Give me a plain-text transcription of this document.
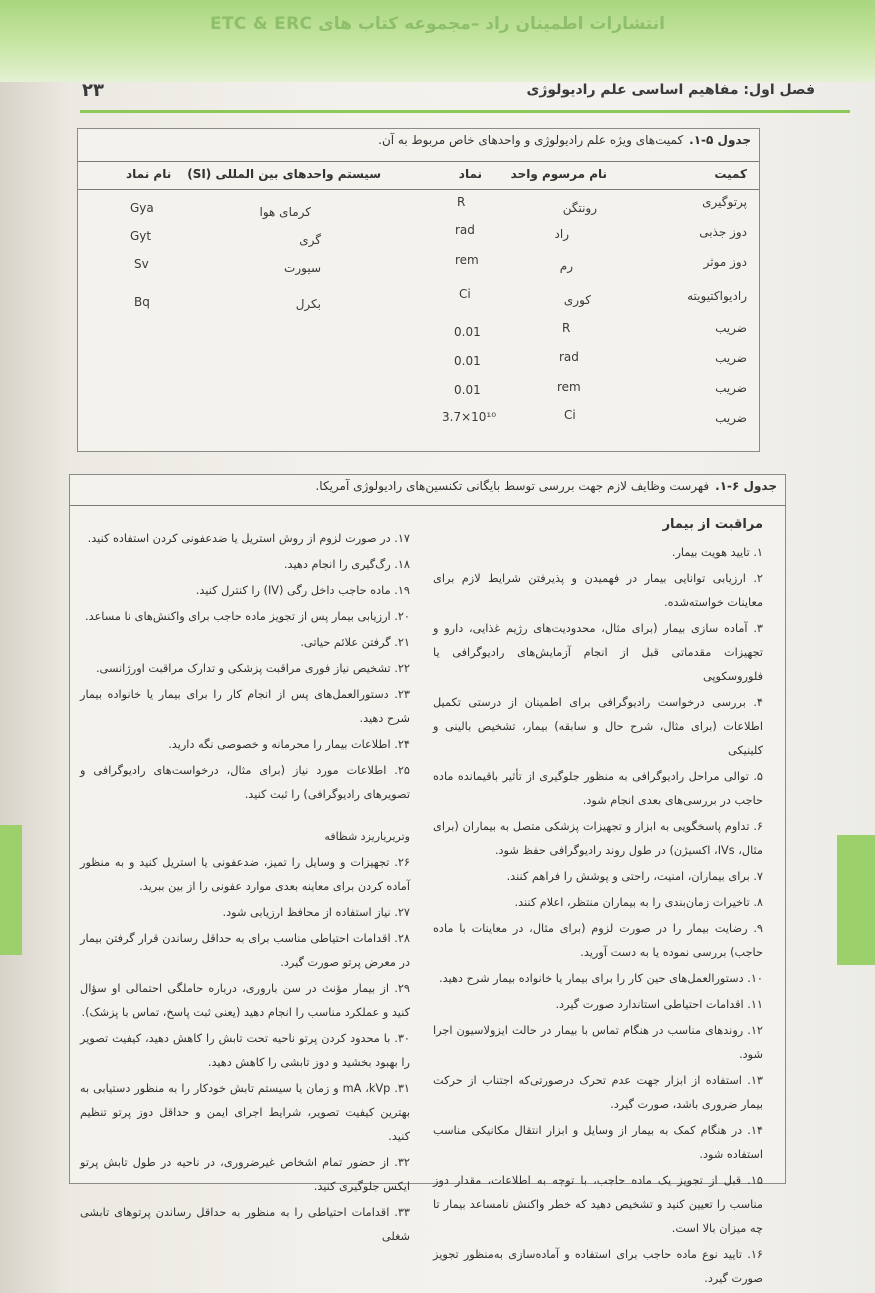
انتشارات اطمینان راد –مجموعه کتاب های ETC & ERC
فصل اول: مفاهیم اساسی علم رادیولوژی
۲۳
جدول ۵-۱.کمیت‌های ویژه علم رادیولوژی و واحدهای خاص مربوط به آن.
کمیت
نام مرسوم واحد
نماد
سیستم واحدهای بین المللی (SI)
نام نماد
پرتوگیری
رونتگن
R
کرمای هوا
Gya
دوز جذبی
راد
rad
گری
Gyt
دوز موثر
رم
rem
سیورت
Sv
رادیواکتیویته
کوری
Ci
بکرل
Bq
ضریب
R
0.01
ضریب
rad
0.01
ضریب
rem
0.01
ضریب
Ci
3.7×10¹⁰
جدول ۶-۱.فهرست وظایف لازم جهت بررسی توسط بایگانی تکنسین‌های رادیولوژی آمریکا.

مراقبت از بیمار

۱. تایید هویت بیمار.

۲. ارزیابی توانایی بیمار در فهمیدن و پذیرفتن شرایط لازم برای معاینات خواسته‌شده.

۳. آماده سازی بیمار (برای مثال، محدودیت‌های رژیم غذایی، دارو و تجهیزات مقدماتی قبل از انجام آزمایش‌های رادیوگرافی یا فلوروسکوپی

۴. بررسی درخواست رادیوگرافی برای اطمینان از درستی تکمیل اطلاعات (برای مثال، شرح حال و سابقه) بیمار، تشخیص بالینی و کلینیکی

۵. توالی مراحل رادیوگرافی به منظور جلوگیری از تأثیر باقیمانده ماده حاجب در بررسی‌های بعدی انجام شود.

۶. تداوم پاسخگویی به ابزار و تجهیزات پزشکی متصل به بیماران (برای مثال، IVs، اکسیژن) در طول روند رادیوگرافی حفظ شود.

۷. برای بیماران، امنیت، راحتی و پوشش را فراهم کنند.

۸. تاخیرات زمان‌بندی را به بیماران منتظر، اعلام کنند.

۹. رضایت بیمار را در صورت لزوم (برای مثال، در معاینات با ماده حاجب) بررسی نموده یا به دست آورید.

۱۰. دستورالعمل‌های حین کار را برای بیمار یا خانواده بیمار شرح دهید.

۱۱. اقدامات احتیاطی استاندارد صورت گیرد.

۱۲. روندهای مناسب در هنگام تماس با بیمار در حالت ایزولاسیون اجرا شود.

۱۳. استفاده از ابزار جهت عدم تحرک درصورتی‌که اجتناب از حرکت بیمار ضروری باشد، صورت گیرد.

۱۴. در هنگام کمک به بیمار از وسایل و ابزار انتقال مکانیکی مناسب استفاده شود.

۱۵. قبل از تجویز یک ماده حاجب، با توجه به اطلاعات، مقدار دوز مناسب را تعیین کنید و تشخیص دهید که خطر واکنش نامساعد بیمار تا چه میزان بالا است.

۱۶. تایید نوع ماده حاجب برای استفاده و آماده‌سازی به‌منظور تجویز صورت گیرد.

۱۷. در صورت لزوم از روش استریل یا ضدعفونی کردن استفاده کنید.

۱۸. رگ‌گیری را انجام دهید.

۱۹. ماده حاجب داخل رگی (IV) را کنترل کنید.

۲۰. ارزیابی بیمار پس از تجویز ماده حاجب برای واکنش‌های نا مساعد.

۲۱. گرفتن علائم حیاتی.

۲۲. تشخیص نیاز فوری مراقبت پزشکی و تدارک مراقبت اورژانسی.

۲۳. دستورالعمل‌های پس از انجام کار را برای بیمار یا خانواده بیمار شرح دهید.

۲۴. اطلاعات بیمار را محرمانه و خصوصی نگه دارید.

۲۵. اطلاعات مورد نیاز (برای مثال، درخواست‌های رادیوگرافی و تصویرهای رادیوگرافی) را ثبت کنید.

وتریریاریزد شظافه

۲۶. تجهیزات و وسایل را تمیز، ضدعفونی یا استریل کنید و به منظور آماده کردن برای معاینه بعدی موارد عفونی را از بین ببرید.

۲۷. نیاز استفاده از محافظ ارزیابی شود.

۲۸. اقدامات احتیاطی مناسب برای به حداقل رساندن قرار گرفتن بیمار در معرض پرتو صورت گیرد.

۲۹. از بیمار مؤنث در سن باروری، درباره حاملگی احتمالی او سؤال کنید و عملکرد مناسب را انجام دهید (یعنی ثبت پاسخ، تماس با پزشک).

۳۰. با محدود کردن پرتو ناحیه تحت تابش را کاهش دهید، کیفیت تصویر را بهبود بخشید و دوز تابشی را کاهش دهید.

۳۱. mA ،kVp و زمان یا سیستم تابش خودکار را به منظور دستیابی به بهترین کیفیت تصویر، شرایط اجرای ایمن و حداقل دوز پرتو تنظیم کنید.

۳۲. از حضور تمام اشخاص غیرضروری، در ناحیه در طول تابش پرتو ایکس جلوگیری کنید.

۳۳. اقدامات احتیاطی را به منظور به حداقل رساندن پرتوهای تابشی شغلی
